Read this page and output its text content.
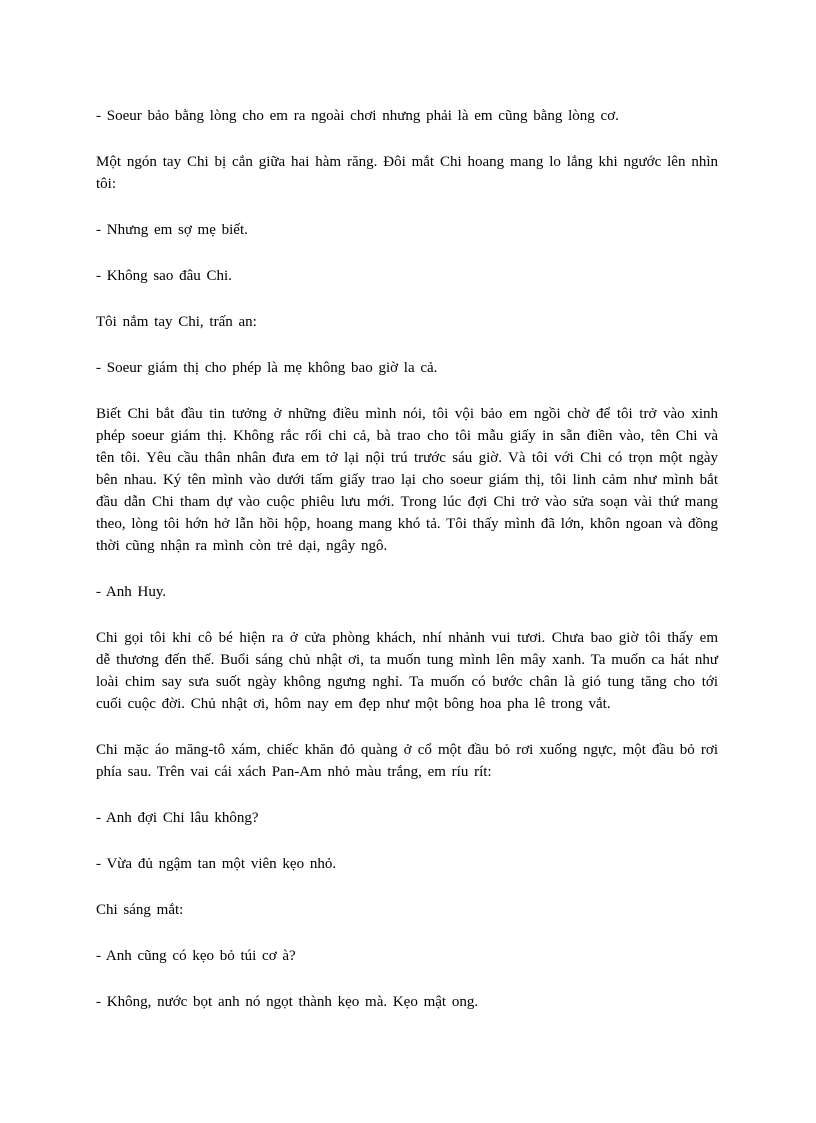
- Soeur bảo bằng lòng cho em ra ngoài chơi nhưng phải là em cũng bằng lòng cơ.

Một ngón tay Chi bị cắn giữa hai hàm răng. Đôi mắt Chi hoang mang lo lắng khi ngước lên nhìn tôi:

- Nhưng em sợ mẹ biết.

- Không sao đâu Chi.

Tôi nắm tay Chi, trấn an:

- Soeur giám thị cho phép là mẹ không bao giờ la cả.

Biết Chi bắt đầu tin tưởng ở những điều mình nói, tôi vội bảo em ngồi chờ để tôi trở vào xinh phép soeur giám thị. Không rắc rối chi cả, bà trao cho tôi mẫu giấy in sẵn điền vào, tên Chi và tên tôi. Yêu cầu thân nhân đưa em tở lại nội trú trước sáu giờ. Và tôi với Chi có trọn một ngày bên nhau. Ký tên mình vào dưới tấm giấy trao lại cho soeur giám thị, tôi linh cảm như mình bắt đầu dẫn Chi tham dự vào cuộc phiêu lưu mới. Trong lúc đợi Chi trở vào sửa soạn vài thứ mang theo, lòng tôi hớn hở lẫn hồi hộp, hoang mang khó tả. Tôi thấy mình đã lớn, khôn ngoan và đồng thời cũng nhận ra mình còn trẻ dại, ngây ngô.

- Anh Huy.

Chi gọi tôi khi cô bé hiện ra ở cửa phòng khách, nhí nhảnh vui tươi. Chưa bao giờ tôi thấy em dễ thương đến thế. Buổi sáng chủ nhật ơi, ta muốn tung mình lên mây xanh. Ta muốn ca hát như loài chim say sưa suốt ngày không ngưng nghỉ. Ta muốn có bước chân là gió tung tăng cho tới cuối cuộc đời. Chủ nhật ơi, hôm nay em đẹp như một bông hoa pha lê trong vắt.

Chi mặc áo măng-tô xám, chiếc khăn đỏ quàng ở cổ một đầu bỏ rơi xuống ngực, một đầu bỏ rơi phía sau. Trên vai cái xách Pan-Am nhỏ màu trắng, em ríu rít:

- Anh đợi Chi lâu không?

- Vừa đủ ngậm tan một viên kẹo nhỏ.

Chi sáng mắt:

- Anh cũng có kẹo bỏ túi cơ à?

- Không, nước bọt anh nó ngọt thành kẹo mà. Kẹo mật ong.
